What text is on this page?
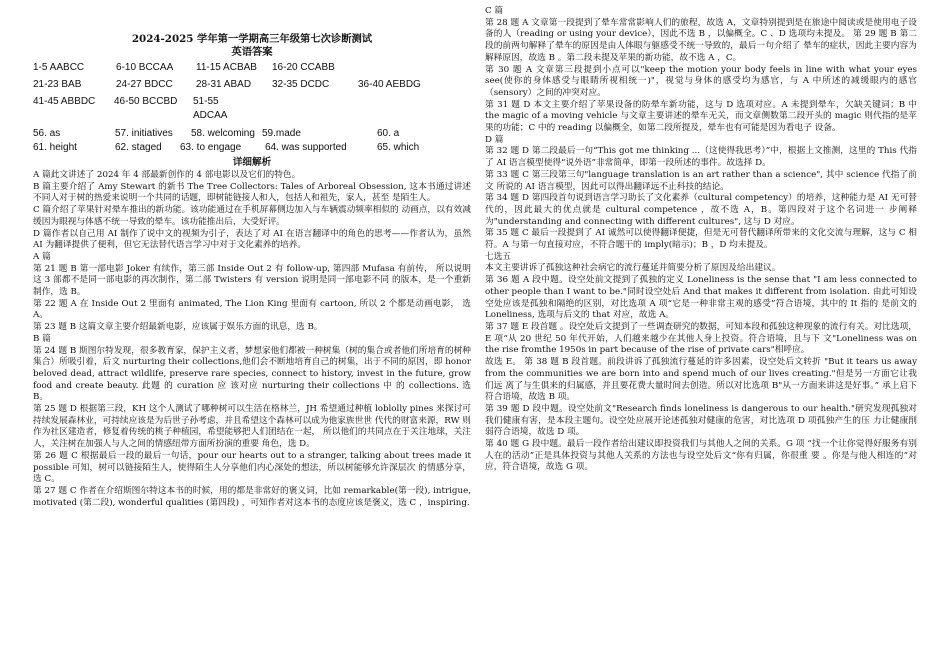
2024-2025 学年第一学期高三年级第七次诊断测试

英语答案

1-5 AABCC	6-10 BCCAA	11-15 ACBAB	16-20 CCABB
21-23 BAB	24-27 BDCC	28-31 ABAD	32-35 DCDC	36-40 AEBDG
41-45 ABBDC	46-50 BCCBD	51-55
ADCAA
56. as	57. initiatives	58. welcoming 59.made	60. a
61. height	62. staged	63. to engage	64. was supported	65. which

详细解析

A 篇此文讲述了 2024 年 4 部最新创作的 4 部电影以及它们的特色。

B 篇主要介绍了 Amy Stewart 的新书 The Tree Collectors: Tales of Arboreal Obsession, 这本书通过讲述不同人对于树的热爱来说明一个共同的话题，即树能链接人和人，包括人和祖先，家人，甚至 是陌生人。

C 篇介绍了苹果针对晕车推出的新功能。该功能通过在手机屏幕侧边加入与车辆震动频率相似的 动画点，以有效减缓因为眼视与体感不统一导致的晕车。该功能推出后，大受好评。

D 篇作者以自己用 AI 制作了说中文的视频为引子，表达了对 AI 在语言翻译中的角色的思考——作者认为，虽然 AI 为翻译提供了便利，但它无法替代语言学习中对于文化素养的培养。

A 篇

第 21 题 B 第一部电影 Joker 有续作，第三部 Inside Out 2 有 follow-up, 第四部 Mufasa 有前传， 所以说明这 3 部都不是同一部电影的再次制作，第二部 Twisters 有 version 说明是同一部电影不同 的版本，是一个重新制作，选 B。

第 22 题 A 在 Inside Out 2 里面有 animated, The Lion King 里面有 cartoon, 所以 2 个都是动画电影， 选 A。

第 23 题 B 这篇文章主要介绍最新电影，应该属于娱乐方面的讯息，选 B。

B 篇

第 24 题 B 斯图尔特发现，很多教育家，保护主义者，梦想家他们都被一种树集（树的集合或者他们所培育的树种集合）所吸引着，后文 nurturing their collections,他们会不断地培育自己的树集，出于不同的原因，即 honor beloved dead, attract wildlife, preserve rare species, connect to history, invest in the future, grow food and create beauty. 此题 的 curation 应 该对应 nurturing their collections 中 的 collections. 选 B。

第 25 题 D 根据第三段，KH 这个人测试了哪种树可以生活在格林兰，JH 希望通过种植 loblolly pines 来探讨可持续发展森林业，可持续应该是为后世子孙考虑，并且希望这个森林可以成为他家族世世 代代的财富来源，RW 则作为社区建造者，修复着传统的桃子种植园，希望能够把人们团结在一起， 所以他们的共同点在于关注地球，关注人，关注树在加强人与人之间的情感纽带方面所扮演的重要 角色，选 D。

第 26 题 C 根据最后一段的最后一句话，pour our hearts out to a stranger, talking about trees made it possible 可知，树可以链接陌生人，使得陌生人分享他们内心深处的想法，所以树能够允许深层次 的情感分享，选 C。

第 27 题 C 作者在介绍斯图尔特这本书的时候，用的都是非常好的褒义词，比如 remarkable(第一段), intrigue, motivated (第二段), wonderful qualities (第四段) ，可知作者对这本书的态度应该是褒义，选 C ，inspiring.

C 篇

第 28 题 A 文章第一段提到了晕车常常影响人们的旅程，故选 A，文章特别提到是在旅途中阅读或是使用电子设备的人（reading or using your device），因此不选 B ，以偏概全。C 、D 选项均未提及。 第 29 题 B 第二段的前两句解释了晕车的原因是由人体眼与躯感受不统一导致的，最后一句介绍了 晕车的症状，因此主要内容为解释原因，故选 B 。第二段未提及苹果的新功能，故不选 A ，C。

第 30 题 A 文章第三段提到小点可以"keep the motion your body feels in line with what your eyes see(使你的身体感受与眼睛所视相统一)"，视觉与身体的感受均为感官，与 A 中所述的减缓眼内的感官（sensory）之间的冲突对应。

第 31 题 D 本文主要介绍了苹果设备的防晕车新功能，这与 D 选项对应。A 未提到晕车，欠缺关键词；B 中 the magic of a moving vehicle 与文章主要讲述的晕车无关，而文章侧数第二段开头的 magic 则代指的是苹果的功能；C 中的 reading 以偏概全，如第二段所提及，晕车也有可能是因为看电子 设备。

D 篇

第 32 题 D 第二段最后一句“This got me thinking ...（这使得我思考）”中，根据上文推测，这里的 This 代指了 AI 语言模型使得“说外语”非常简单，即第一段所述的事件。故选择 D。

第 33 题 C 第三段第三句"language translation is an art rather than a science", 其中 science 代指了前文 所说的 AI 语言模型，因此可以得出翻译远不止科技的结论。

第 34 题 D 第四段首句说到语言学习助长了文化素养（cultural competency）的培养，这种能力是 AI 无可替代的，因此最大的优点就是 cultural competence ，故不选 A，B。第四段对于这个名词进一 步阐释为"understanding and connecting with different cultures", 这与 D 对应。

第 35 题 C 最后一段提到了 AI 诚然可以使得翻译便捷，但是无可替代翻译所带来的文化交流与理解，这与 C 相符。A 与第一句直接对应，不符合题干的 imply(暗示)；B ，D 均未提及。

七选五

本文主要讲诉了孤独这种社会病它的流行蔓延并简要分析了原因及给出建议。

第 36 题 A 段中题。设空处前文提到了孤独的定义 Loneliness is the sense that "I am less connected to other people than I want to be."同时设空处后 And that makes it different from isolation. 由此可知设 空处应该是孤独和隔绝的区别，对比选项 A 项“它是一种非常主观的感受”符合语境，其中的 It 指的 是前文的 Loneliness, 选项与后文的 that 对应，故选 A。

第 37 题 E 段首题 。设空处后文提到了一些调查研究的数据，可知本段和孤独这种现象的流行有关。对比选项，E 项“从 20 世纪 50 年代开始，人们越来越少在其他人身上投资。符合语境，且与下 文"Loneliness was on the rise fromthe 1950s in part because of the rise of private cars"相呼应。

故选 E。 第 38 题 B 段首题。前段讲诉了孤独流行蔓延的许多因素，设空处后文转折 "But it tears us away from the communities we are born into and spend much of our lives creating."但是另一方面它让我们远 离了与生俱来的归属感，并且要花费大量时间去创造。所以对比选项 B"从一方面来讲这是好事。” 承上启下符合语境，故选 B 项。

第 39 题 D 段中题。设空处前文"Research finds loneliness is dangerous to our health."研究发现孤独对 我们健康有害，是本段主题句。设空处应展开论述孤独对健康的危害，对比选项 D 项孤独产生的压 力让健康削弱符合语境，故选 D 项。

第 40 题 G 段中题。最后一段作者给出建议即投资我们与其他人之间的关系。G 项 “找一个让你觉得好服务有别人在的活动”正是具体投资与其他人关系的方法也与设空处后文“你有归属，你很重 要 。你是与他人相连的”对应，符合语境，故选 G 项。
